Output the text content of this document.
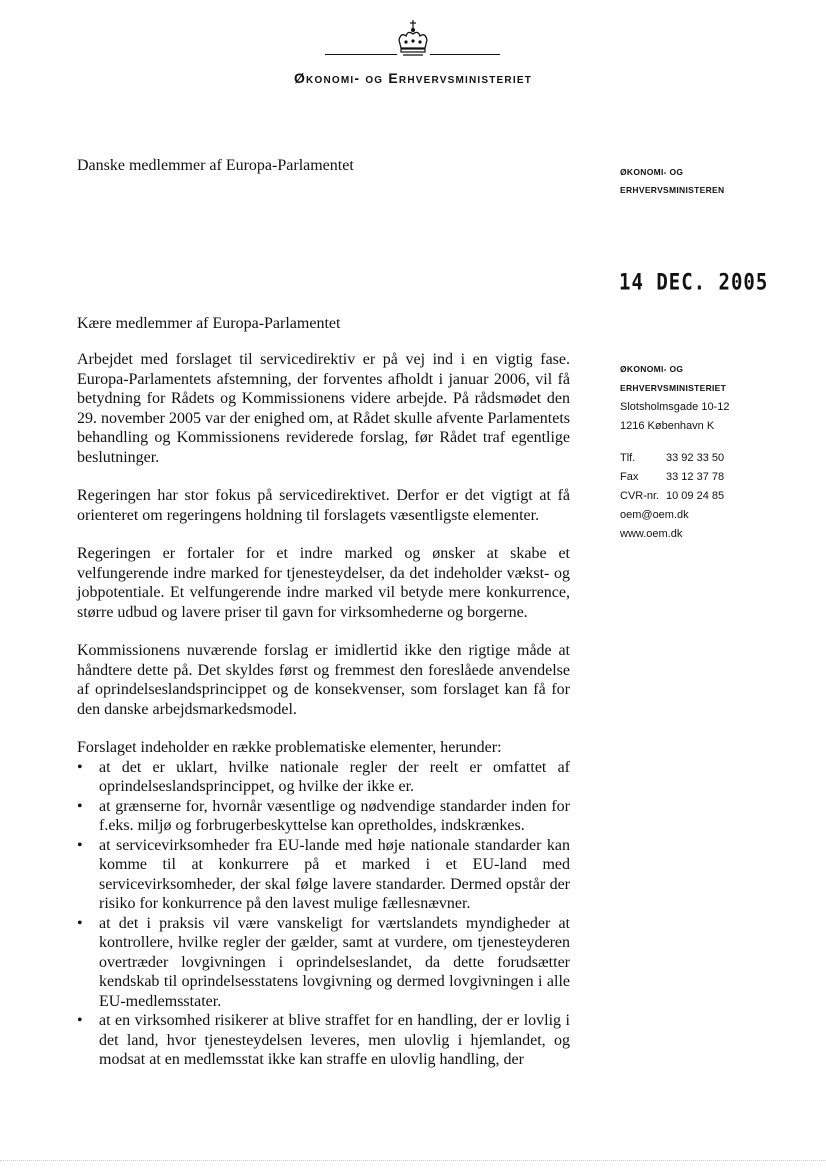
Økonomi- og Erhvervsministeriet
Danske medlemmer af Europa-Parlamentet	ØKONOMI- OG
ERHVERVSMINISTEREN
14 DEC. 2005
Kære medlemmer af Europa-Parlamentet

Arbejdet med forslaget til servicedirektiv er på vej ind i en vigtig fase. Europa-Parlamentets afstemning, der forventes afholdt i januar 2006, vil få betydning for Rådets og Kommissionens videre arbejde. På rådsmødet den 29. november 2005 var der enighed om, at Rådet skulle afvente Parlamentets behandling og Kommissionens reviderede forslag, før Rådet traf egentlige beslutninger.

Regeringen har stor fokus på servicedirektivet. Derfor er det vigtigt at få orienteret om regeringens holdning til forslagets væsentligste elementer.

Regeringen er fortaler for et indre marked og ønsker at skabe et velfungerende indre marked for tjenesteydelser, da det indeholder vækst- og jobpotentiale. Et velfungerende indre marked vil betyde mere konkurrence, større udbud og lavere priser til gavn for virksomhederne og borgerne.

Kommissionens nuværende forslag er imidlertid ikke den rigtige måde at håndtere dette på. Det skyldes først og fremmest den foreslåede anvendelse af oprindelseslandsprincippet og de konsekvenser, som forslaget kan få for den danske arbejdsmarkedsmodel.

Forslaget indeholder en række problematiske elementer, herunder:
• at det er uklart, hvilke nationale regler der reelt er omfattet af oprindelseslandsprincippet, og hvilke der ikke er.
• at grænserne for, hvornår væsentlige og nødvendige standarder inden for f.eks. miljø og forbrugerbeskyttelse kan opretholdes, indskrænkes.
• at servicevirksomheder fra EU-lande med høje nationale standarder kan komme til at konkurrere på et marked i et EU-land med servicevirksomheder, der skal følge lavere standarder. Dermed opstår der risiko for konkurrence på den lavest mulige fællesnævner.
• at det i praksis vil være vanskeligt for værtslandets myndigheder at kontrollere, hvilke regler der gælder, samt at vurdere, om tjenesteyderen overtræder lovgivningen i oprindelseslandet, da dette forudsætter kendskab til oprindelsesstatens lovgivning og dermed lovgivningen i alle EU-medlemsstater.
• at en virksomhed risikerer at blive straffet for en handling, der er lovlig i det land, hvor tjenesteydelsen leveres, men ulovlig i hjemlandet, og modsat at en medlemsstat ikke kan straffe en ulovlig handling, der
ØKONOMI- OG
ERHVERVSMINISTERIET
Slotsholmsgade 10-12
1216 København K
Tlf.	33 92 33 50
Fax	33 12 37 78
CVR-nr. 10 09 24 85
oem@oem.dk
www.oem.dk
